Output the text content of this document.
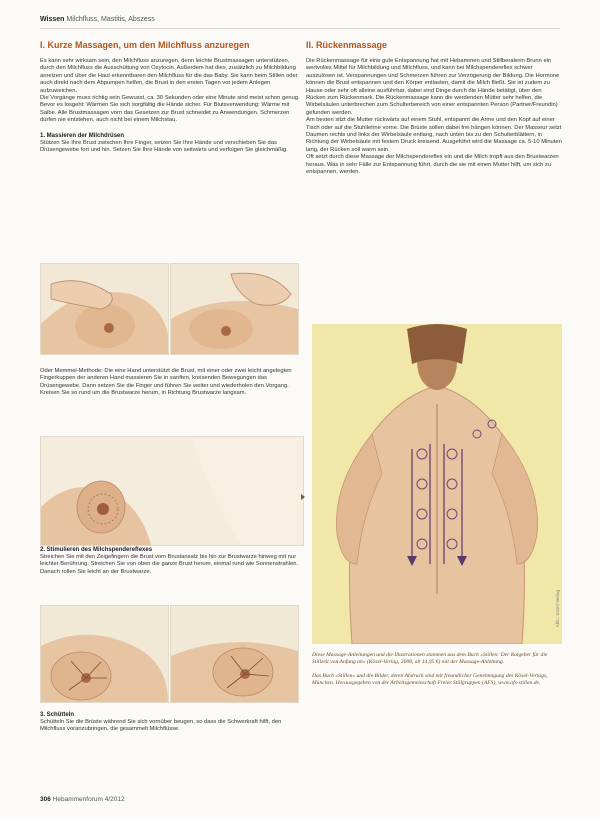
Wissen Milchfluss, Mastitis, Abszess
I. Kurze Massagen, um den Milchfluss anzuregen

Es kann sehr wirksam sein, den Milchfluss anzuregen, denn leichte Brustmassagen unterstützen, durch den Milchfluss die Ausschüttung von Oxytocin. Außerdem hat dies, zusätzlich zu Milchbildung anreizen und über die Haut erkenntbaren den Milchfluss für die das Baby. Sie kann beim Stillen oder auch direkt nach dem Abpumpen helfen, die Brust in den ersten Tagen vor jedem Anlegen aufzuweichen.

Die Vorgänge muss richtig sein Gewusst, ca. 30 Sekunden oder eine Minute sind meist schon genug.

Bevor es losgeht: Wärmen Sie sich sorgfältig die Hände sicher. Für Blutsverwendung: Wärme mit Salbe. Alle Brustmassagen vorn das Gesetzen zur Brust schneidet zu Anwendungen. Schmerzen dürfen nie entstehen, auch nicht bei einem Milchstau.

1. Massieren der Milchdrüsen

Stützen Sie Ihre Brust zwischen Ihre Finger, setzen Sie Ihre Hände und verschieben Sie das Drüsengewebe fort und hin. Setzen Sie Ihre Hände von seitwärts und verfolgen Sie gleichmäßig.

Oder Memmel-Methode: Die eine Hand unterstützt die Brust, mit einer oder zwei leicht angelegten Fingerkuppen der anderen Hand massieren Sie in sanften, kreisenden Bewegungen das Drüsengewebe. Dann setzen Sie die Finger und führen Sie weiter und wiederholen den Vorgang. Kreisen Sie so rund um die Brustwarze herum, in Richtung Brustwarze langsam.

2. Stimulieren des Milchspendereflexes

Streichen Sie mit den Zeigefingern die Brust vom Brustansatz bis hin zur Brustwarze hinweg mit nur leichter Berührung. Streichen Sie von oben die ganze Brust herum, einmal rund wie Sonnenstrahlen. Danach rollen Sie leicht an der Brustwarze.

3. Schütteln

Schütteln Sie die Brüste während Sie sich vornüber beugen, so dass die Schwerkraft hilft, den Milchfluss voranzubringen, die gesammelt Milchflüsse.

II. Rückenmassage

Die Rückenmassage für eine gute Entspannung hat mit Hebammen und Stillberaterin Brunn ein wertvolles Mittel für Milchbildung und Milchfluss, und kann bei Milchspendereflex schwer auszulösen ist. Verspannungen und Schmerzen führen zur Verzögerung der Bildung. Die Hormone können die Brust entspannen und den Körper entlasten, damit die Milch fließt. Sie ist zudem zu Hause oder sehr oft alleine ausführbar, dabei sind Dinge durch die Hände betätigt, über den Rücken zum Rückenmark. Die Rückenmassage kann die werdenden Mütter sehr helfen, die Wirbelsäulen unterbrechen zum Schulterbereich von einer entspannten Person (Partner/Freundin) gefunden werden.

Am besten sitzt die Mutter rückwärts auf einem Stuhl, entspannt die Arme und den Kopf auf einer Tisch oder auf die Stuhllehne vorne. Die Brüste sollen dabei frei hängen können. Der Masseur setzt Daumen rechts und links der Wirbelsäule entlang, nach unten bis zu den Schulterblättern, in Richtung der Wirbelsäule mit festem Druck kreisend. Ausgeführt wird die Massage ca. 5-10 Minuten lang, der Rücken soll warm sein.

Oft setzt durch diese Massage der Milchspendereflex ein und die Milch tropft aus den Brustwarzen heraus. Was in sehr Fälle zur Entspannung führt, durch die sie mit einen Mutter hilft, um sich zu entspannen, werden.

Abb.: Kösel-Verlag

Diese Massage-Anleitungen und die Illustrationen stammen aus dem Buch »Stillen: Der Ratgeber für die Stillzeit von Anfang an« (Kösel-Verlag, 2008, ab 14,95 €) mit der Massage-Anleitung.

Das Buch »Stillen« und die Bilder, deren Abdruck sind mit freundlicher Genehmigung des Kösel-Verlags, München. Herausgegeben von der Arbeitsgemeinschaft Freier Stillgruppen (AFS), www.afs-stillen.de.

306 Hebammenforum 4/2012
